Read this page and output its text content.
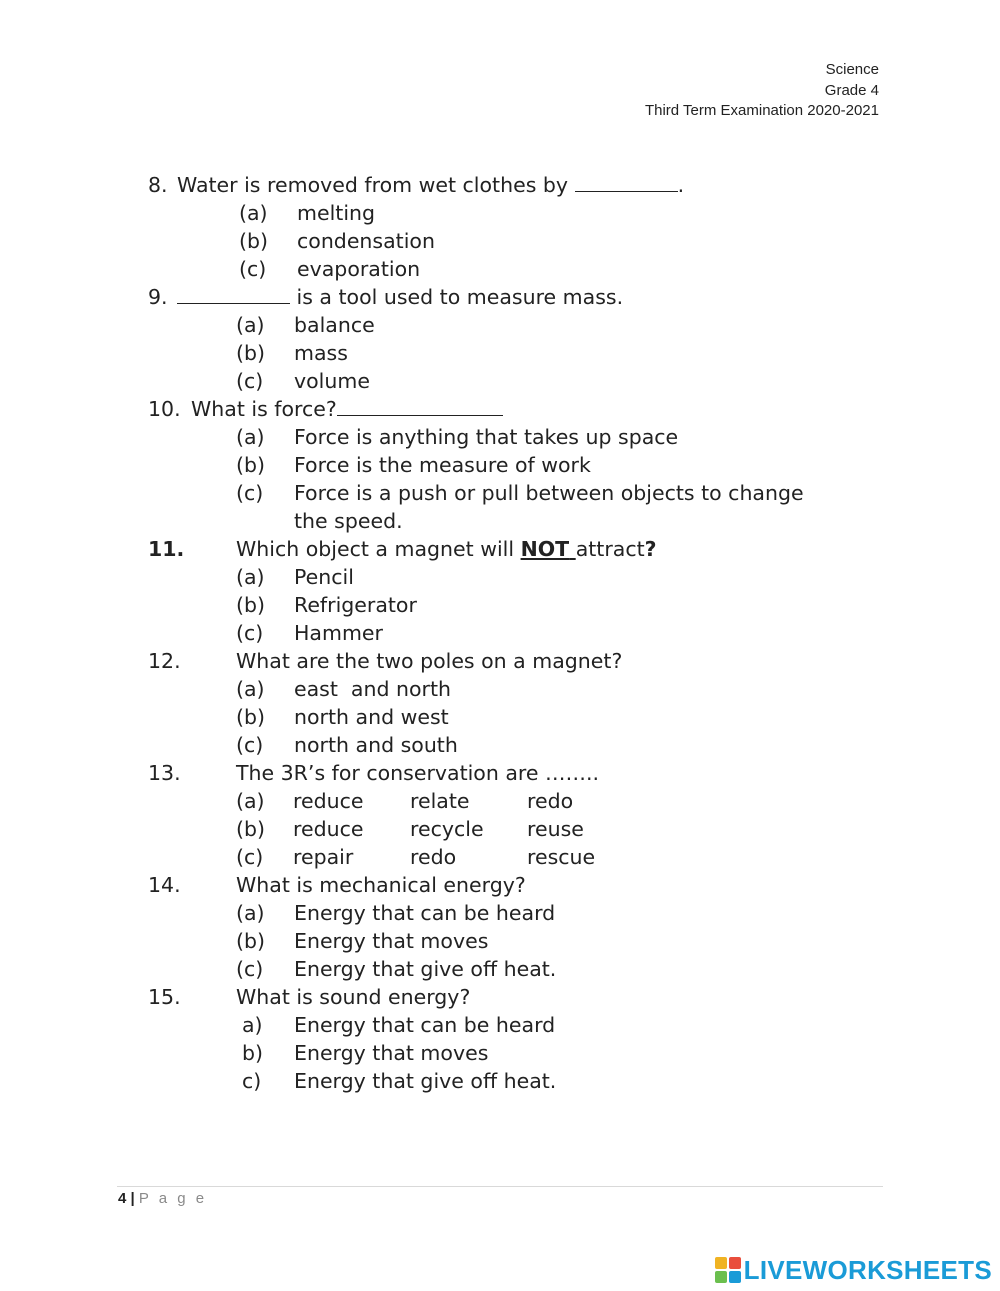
Science
Grade 4
Third Term Examination 2020-2021
8. Water is removed from wet clothes by	.
(a) melting
(b) condensation
(c) evaporation
9.	is a tool used to measure mass.
(a) balance
(b) mass
(c) volume
10. What is force?
(a) Force is anything that takes up space
(b) Force is the measure of work
(c) Force is a push or pull between objects to change
the speed.
11.	Which object a magnet will NOT attract?
(a) Pencil
(b) Refrigerator
(c) Hammer
12.	What are the two poles on a magnet?
(a) east  and north
(b) north and west
(c) north and south
13.	The 3R’s for conservation are ……..
(a) reduce relate	redo
(b) reduce recycle reuse
(c) repair	redo	rescue
14.	What is mechanical energy?
(a) Energy that can be heard
(b) Energy that moves
(c) Energy that give off heat.
15.	What is sound energy?
a) Energy that can be heard
b) Energy that moves
c) Energy that give off heat.
4 | P a g e
LIVEWORKSHEETS
